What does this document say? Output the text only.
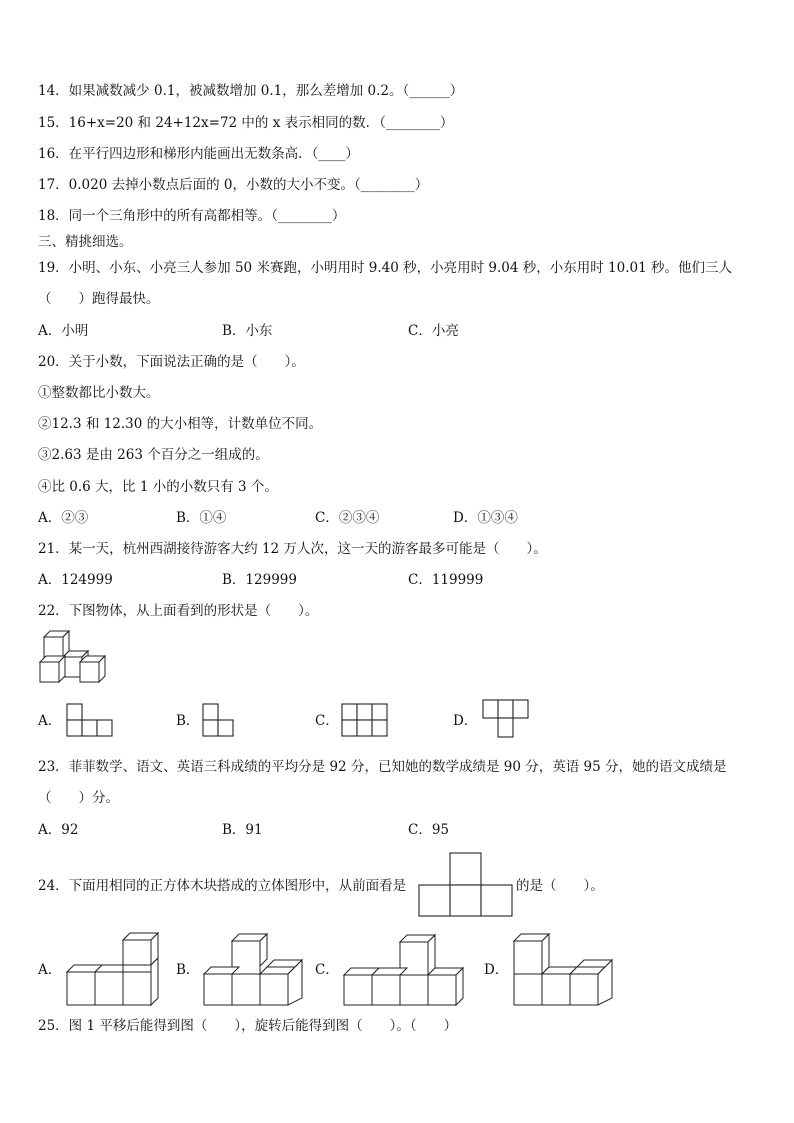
14．如果减数减少 0.1，被减数增加 0.1，那么差增加 0.2。（______）
15．16+x=20 和 24+12x=72 中的 x 表示相同的数．（________）
16．在平行四边形和梯形内能画出无数条高．（____）
17．0.020 去掉小数点后面的 0，小数的大小不变。（________）
18．同一个三角形中的所有高都相等。（________）
三、精挑细选。
19．小明、小东、小亮三人参加 50 米赛跑，小明用时 9.40 秒，小亮用时 9.04 秒，小东用时 10.01 秒。他们三人
（　　）跑得最快。
A．小明	B．小东	C．小亮
20．关于小数，下面说法正确的是（　　）。
①整数都比小数大。
②12.3 和 12.30 的大小相等，计数单位不同。
③2.63 是由 263 个百分之一组成的。
④比 0.6 大，比 1 小的小数只有 3 个。
A．②③	B．①④	C．②③④	D．①③④
21．某一天，杭州西湖接待游客大约 12 万人次，这一天的游客最多可能是（　　）。
A．124999	B．129999	C．119999
22．下图物体，从上面看到的形状是（　　）。
A．	B．	C．	D．
23．菲菲数学、语文、英语三科成绩的平均分是 92 分，已知她的数学成绩是 90 分，英语 95 分，她的语文成绩是
（　　）分。
A．92	B．91	C．95
24．下面用相同的正方体木块搭成的立体图形中，从前面看是	的是（　　）。
A．	B．	C．	D．
25．图 1 平移后能得到图（　　），旋转后能得到图（　　）。（　　）
